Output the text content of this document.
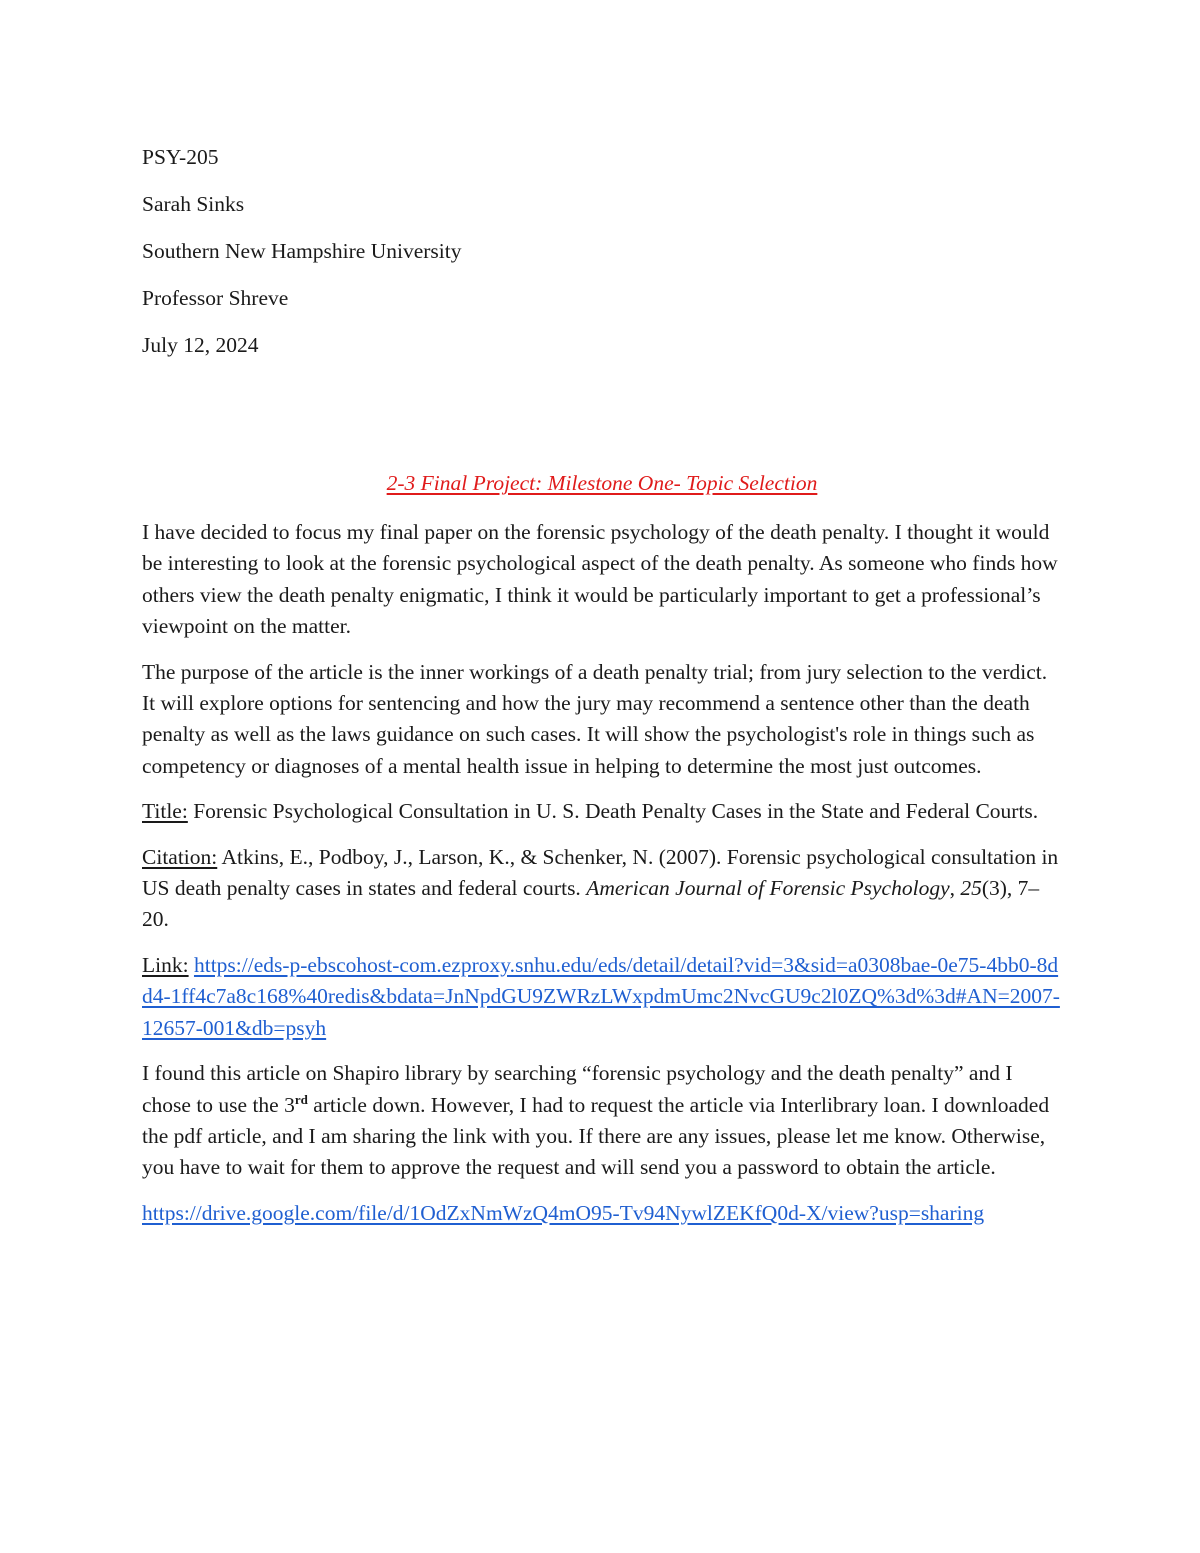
PSY-205

Sarah Sinks

Southern New Hampshire University

Professor Shreve

July 12, 2024

2-3 Final Project: Milestone One- Topic Selection

I have decided to focus my final paper on the forensic psychology of the death penalty. I thought it would be interesting to look at the forensic psychological aspect of the death penalty. As someone who finds how others view the death penalty enigmatic, I think it would be particularly important to get a professional’s viewpoint on the matter.

The purpose of the article is the inner workings of a death penalty trial; from jury selection to the verdict. It will explore options for sentencing and how the jury may recommend a sentence other than the death penalty as well as the laws guidance on such cases. It will show the psychologist's role in things such as competency or diagnoses of a mental health issue in helping to determine the most just outcomes.

Title: Forensic Psychological Consultation in U. S. Death Penalty Cases in the State and Federal Courts.

Citation: Atkins, E., Podboy, J., Larson, K., & Schenker, N. (2007). Forensic psychological consultation in US death penalty cases in states and federal courts. American Journal of Forensic Psychology, 25(3), 7–20.

Link: https://eds-p-ebscohost-com.ezproxy.snhu.edu/eds/detail/detail?vid=3&sid=a0308bae-0e75-4bb0-8dd4-1ff4c7a8c168%40redis&bdata=JnNpdGU9ZWRzLWxpdmUmc2NvcGU9c2l0ZQ%3d%3d#AN=2007-12657-001&db=psyh

I found this article on Shapiro library by searching “forensic psychology and the death penalty” and I chose to use the 3rd article down. However, I had to request the article via Interlibrary loan. I downloaded the pdf article, and I am sharing the link with you. If there are any issues, please let me know. Otherwise, you have to wait for them to approve the request and will send you a password to obtain the article.

https://drive.google.com/file/d/1OdZxNmWzQ4mO95-Tv94NywlZEKfQ0d-X/view?usp=sharing
